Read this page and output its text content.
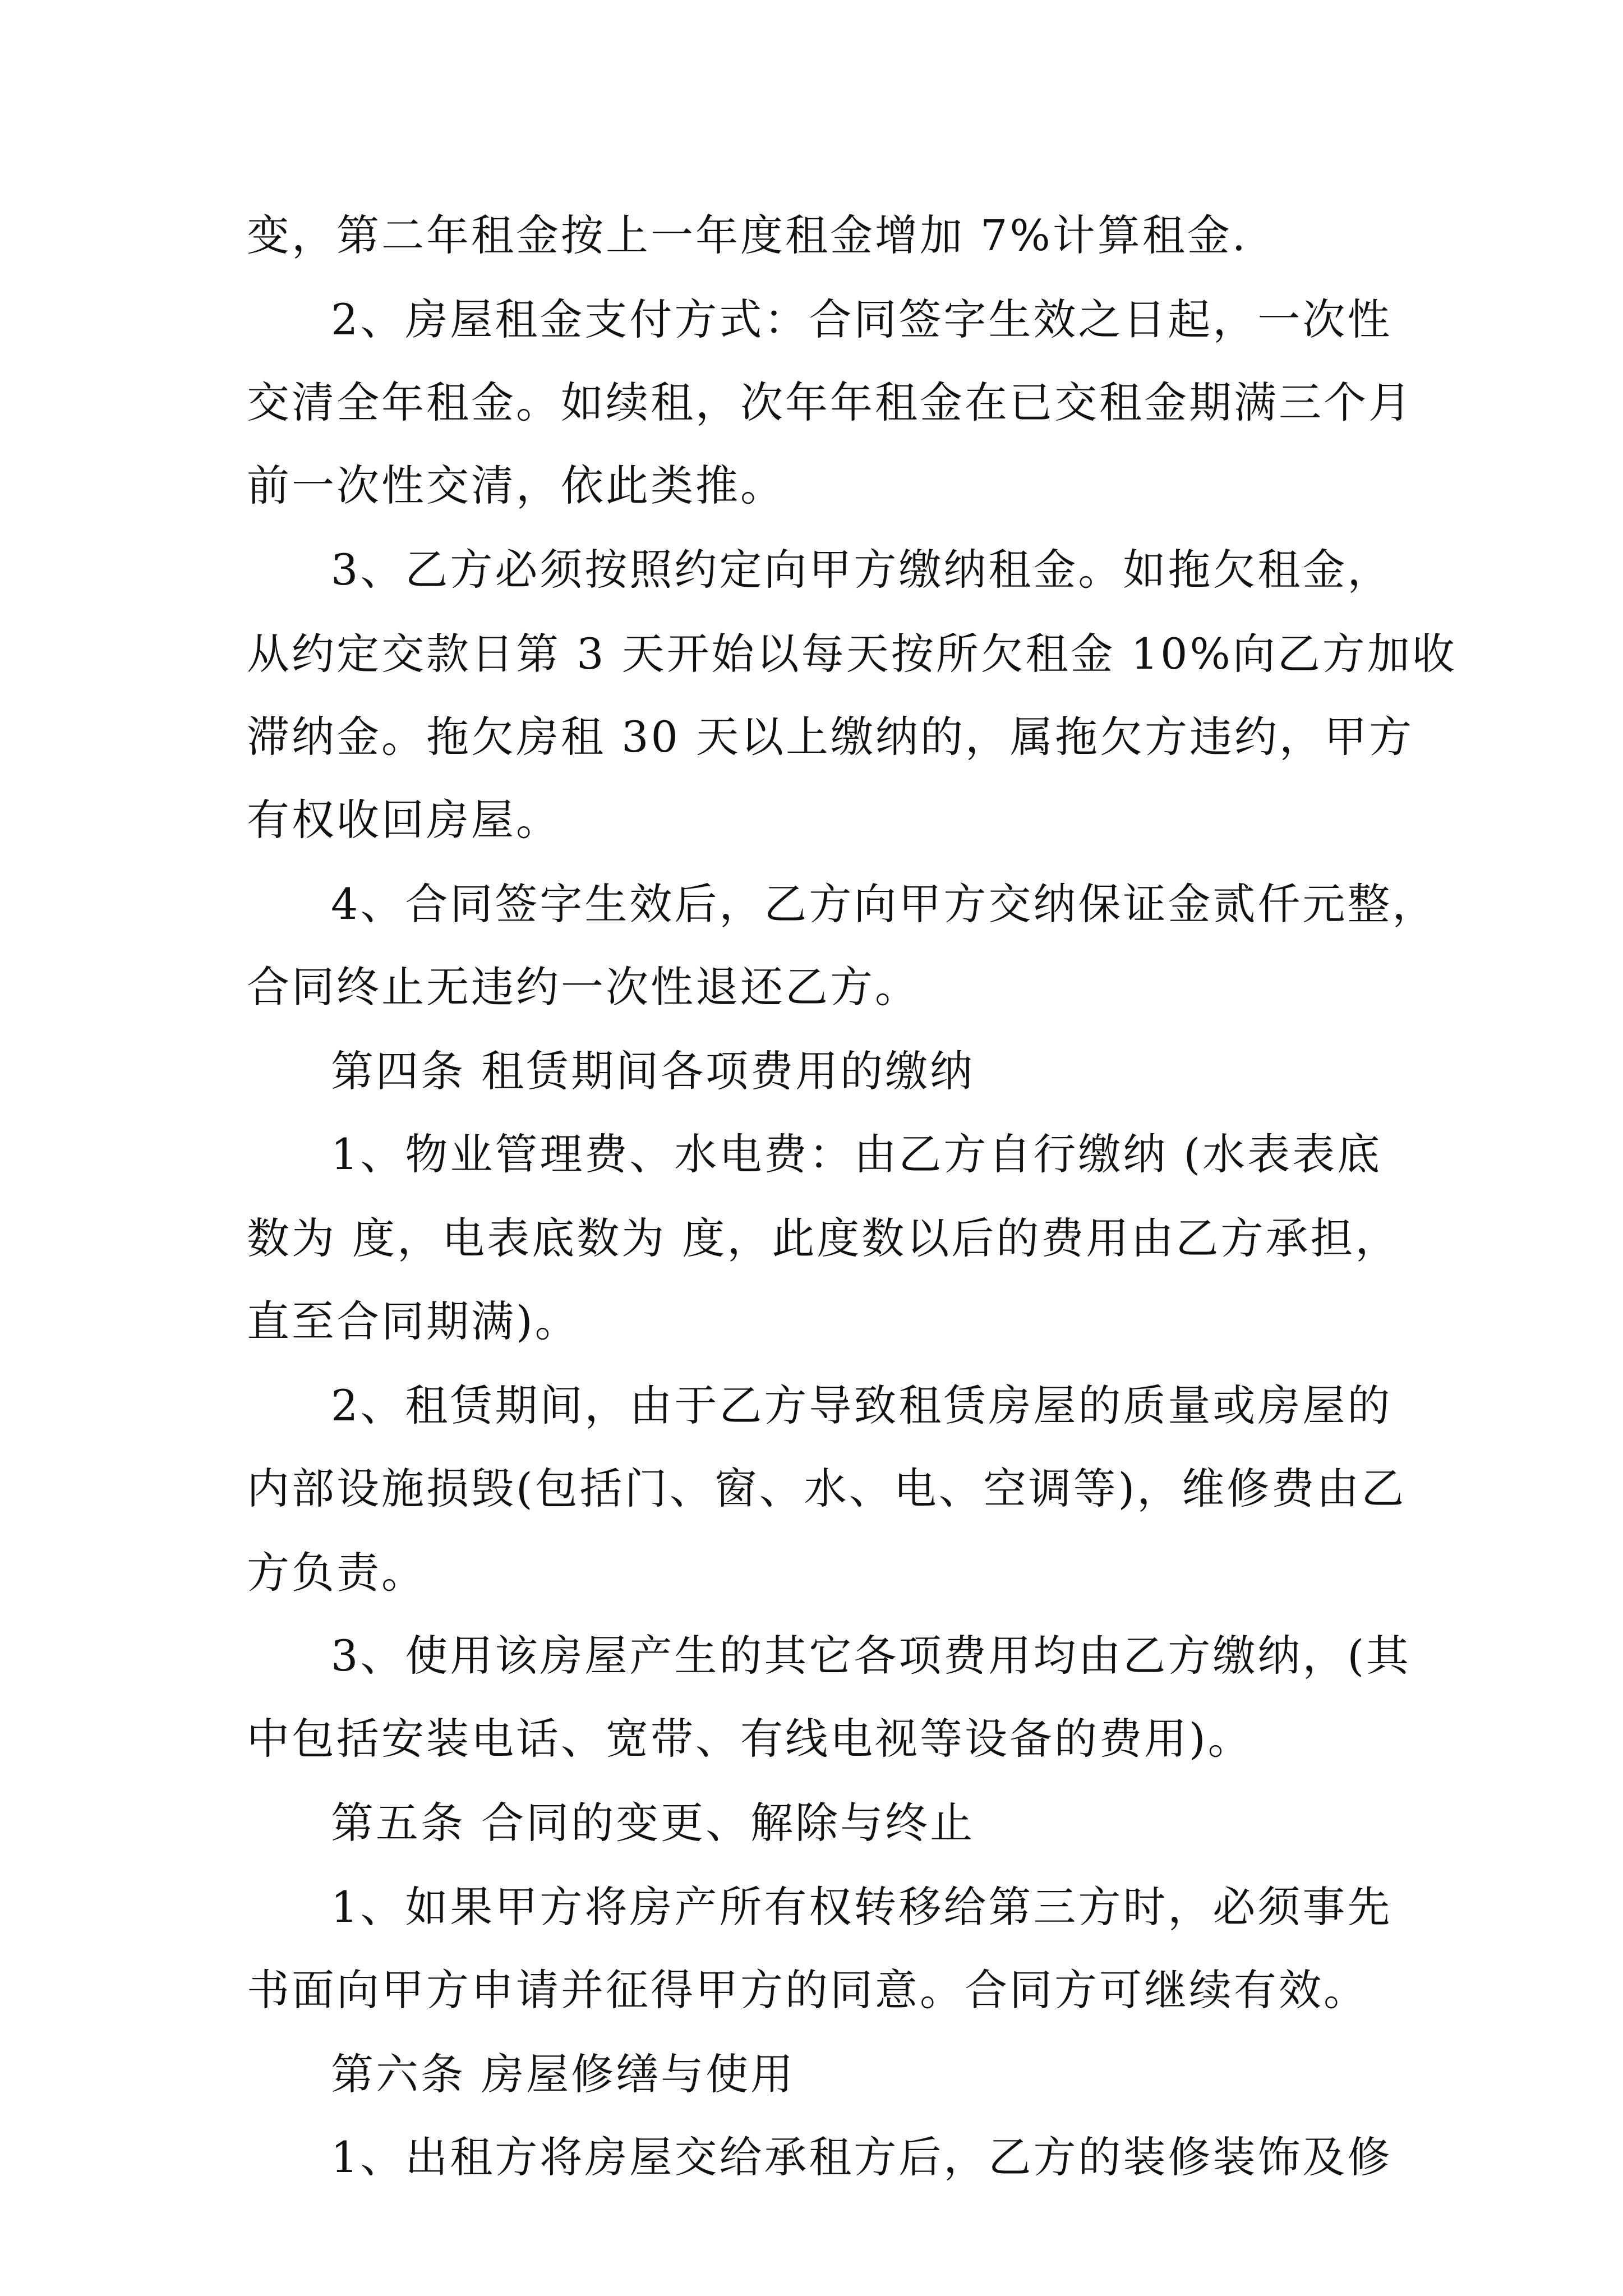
变，第二年租金按上一年度租金增加 7%计算租金.
2、房屋租金支付方式：合同签字生效之日起，一次性
交清全年租金。如续租，次年年租金在已交租金期满三个月
前一次性交清，依此类推。
3、乙方必须按照约定向甲方缴纳租金。如拖欠租金，
从约定交款日第 3 天开始以每天按所欠租金 10%向乙方加收
滞纳金。拖欠房租 30 天以上缴纳的，属拖欠方违约，甲方
有权收回房屋。
4、合同签字生效后，乙方向甲方交纳保证金贰仟元整，
合同终止无违约一次性退还乙方。
第四条 租赁期间各项费用的缴纳
1、物业管理费、水电费：由乙方自行缴纳 (水表表底
数为 度，电表底数为 度，此度数以后的费用由乙方承担，
直至合同期满)。
2、租赁期间，由于乙方导致租赁房屋的质量或房屋的
内部设施损毁(包括门、窗、水、电、空调等)，维修费由乙
方负责。
3、使用该房屋产生的其它各项费用均由乙方缴纳，(其
中包括安装电话、宽带、有线电视等设备的费用)。
第五条 合同的变更、解除与终止
1、如果甲方将房产所有权转移给第三方时，必须事先
书面向甲方申请并征得甲方的同意。合同方可继续有效。
第六条 房屋修缮与使用
1、出租方将房屋交给承租方后，乙方的装修装饰及修
